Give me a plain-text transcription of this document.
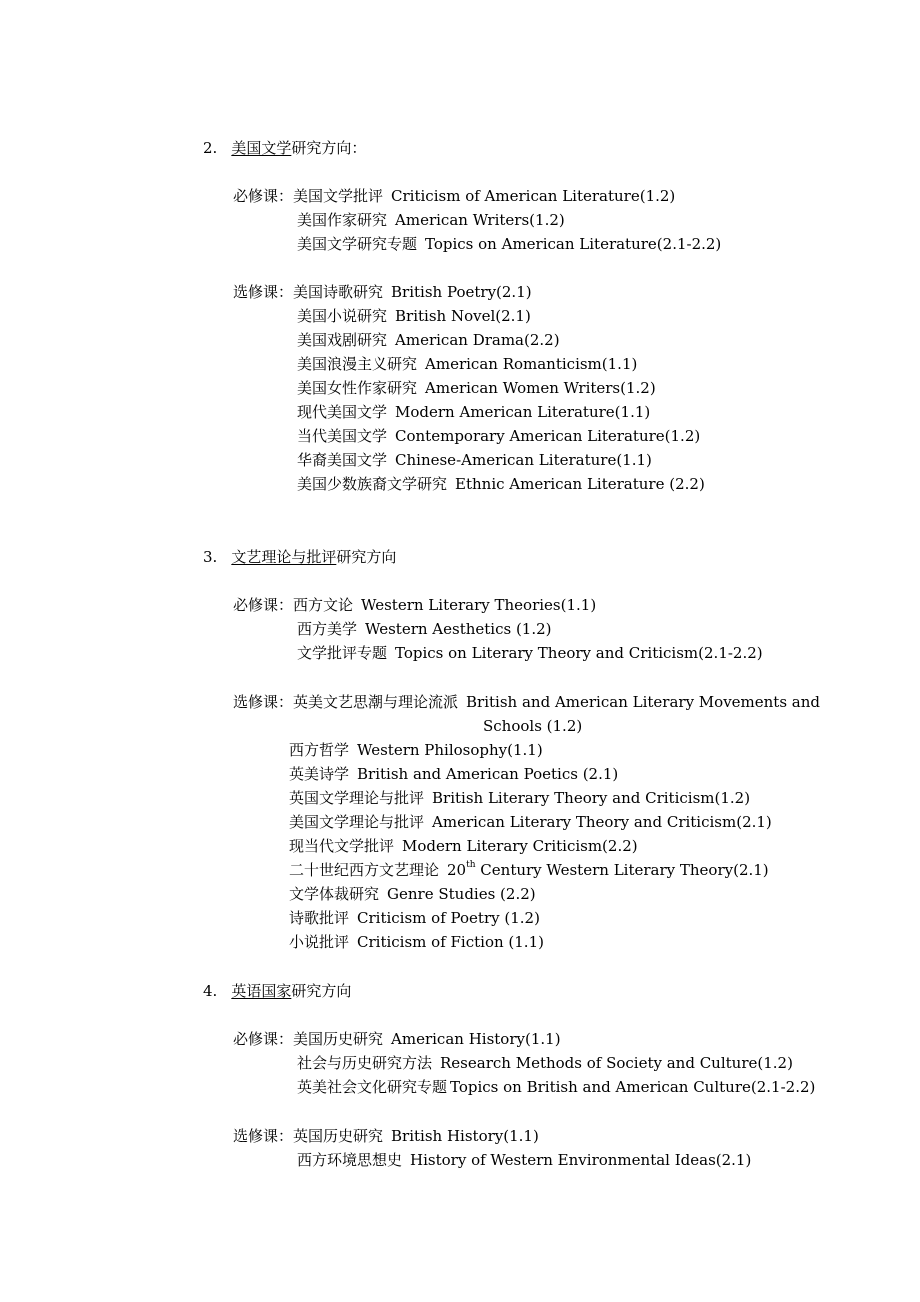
2. 美国文学研究方向：
必修课：美国文学批评 Criticism of American Literature(1.2)
美国作家研究 American Writers(1.2)
美国文学研究专题 Topics on American Literature(2.1-2.2)
选修课：美国诗歌研究 British Poetry(2.1)
美国小说研究 British Novel(2.1)
美国戏剧研究 American Drama(2.2)
美国浪漫主义研究 American Romanticism(1.1)
美国女性作家研究 American Women Writers(1.2)
现代美国文学 Modern American Literature(1.1)
当代美国文学 Contemporary American Literature(1.2)
华裔美国文学 Chinese-American Literature(1.1)
美国少数族裔文学研究 Ethnic American Literature (2.2)
3. 文艺理论与批评研究方向
必修课：西方文论 Western Literary Theories(1.1)
西方美学 Western Aesthetics (1.2)
文学批评专题 Topics on Literary Theory and Criticism(2.1-2.2)
选修课：英美文艺思潮与理论流派 British and American Literary Movements and
Schools (1.2)
西方哲学 Western Philosophy(1.1)
英美诗学 British and American Poetics (2.1)
英国文学理论与批评 British Literary Theory and Criticism(1.2)
美国文学理论与批评 American Literary Theory and Criticism(2.1)
现当代文学批评 Modern Literary Criticism(2.2)
二十世纪西方文艺理论 20th Century Western Literary Theory(2.1)
文学体裁研究 Genre Studies (2.2)
诗歌批评 Criticism of Poetry (1.2)
小说批评 Criticism of Fiction (1.1)
4. 英语国家研究方向
必修课：美国历史研究 American History(1.1)
社会与历史研究方法 Research Methods of Society and Culture(1.2)
英美社会文化研究专题 Topics on British and American Culture(2.1-2.2)
选修课：英国历史研究 British History(1.1)
西方环境思想史 History of Western Environmental Ideas(2.1)
